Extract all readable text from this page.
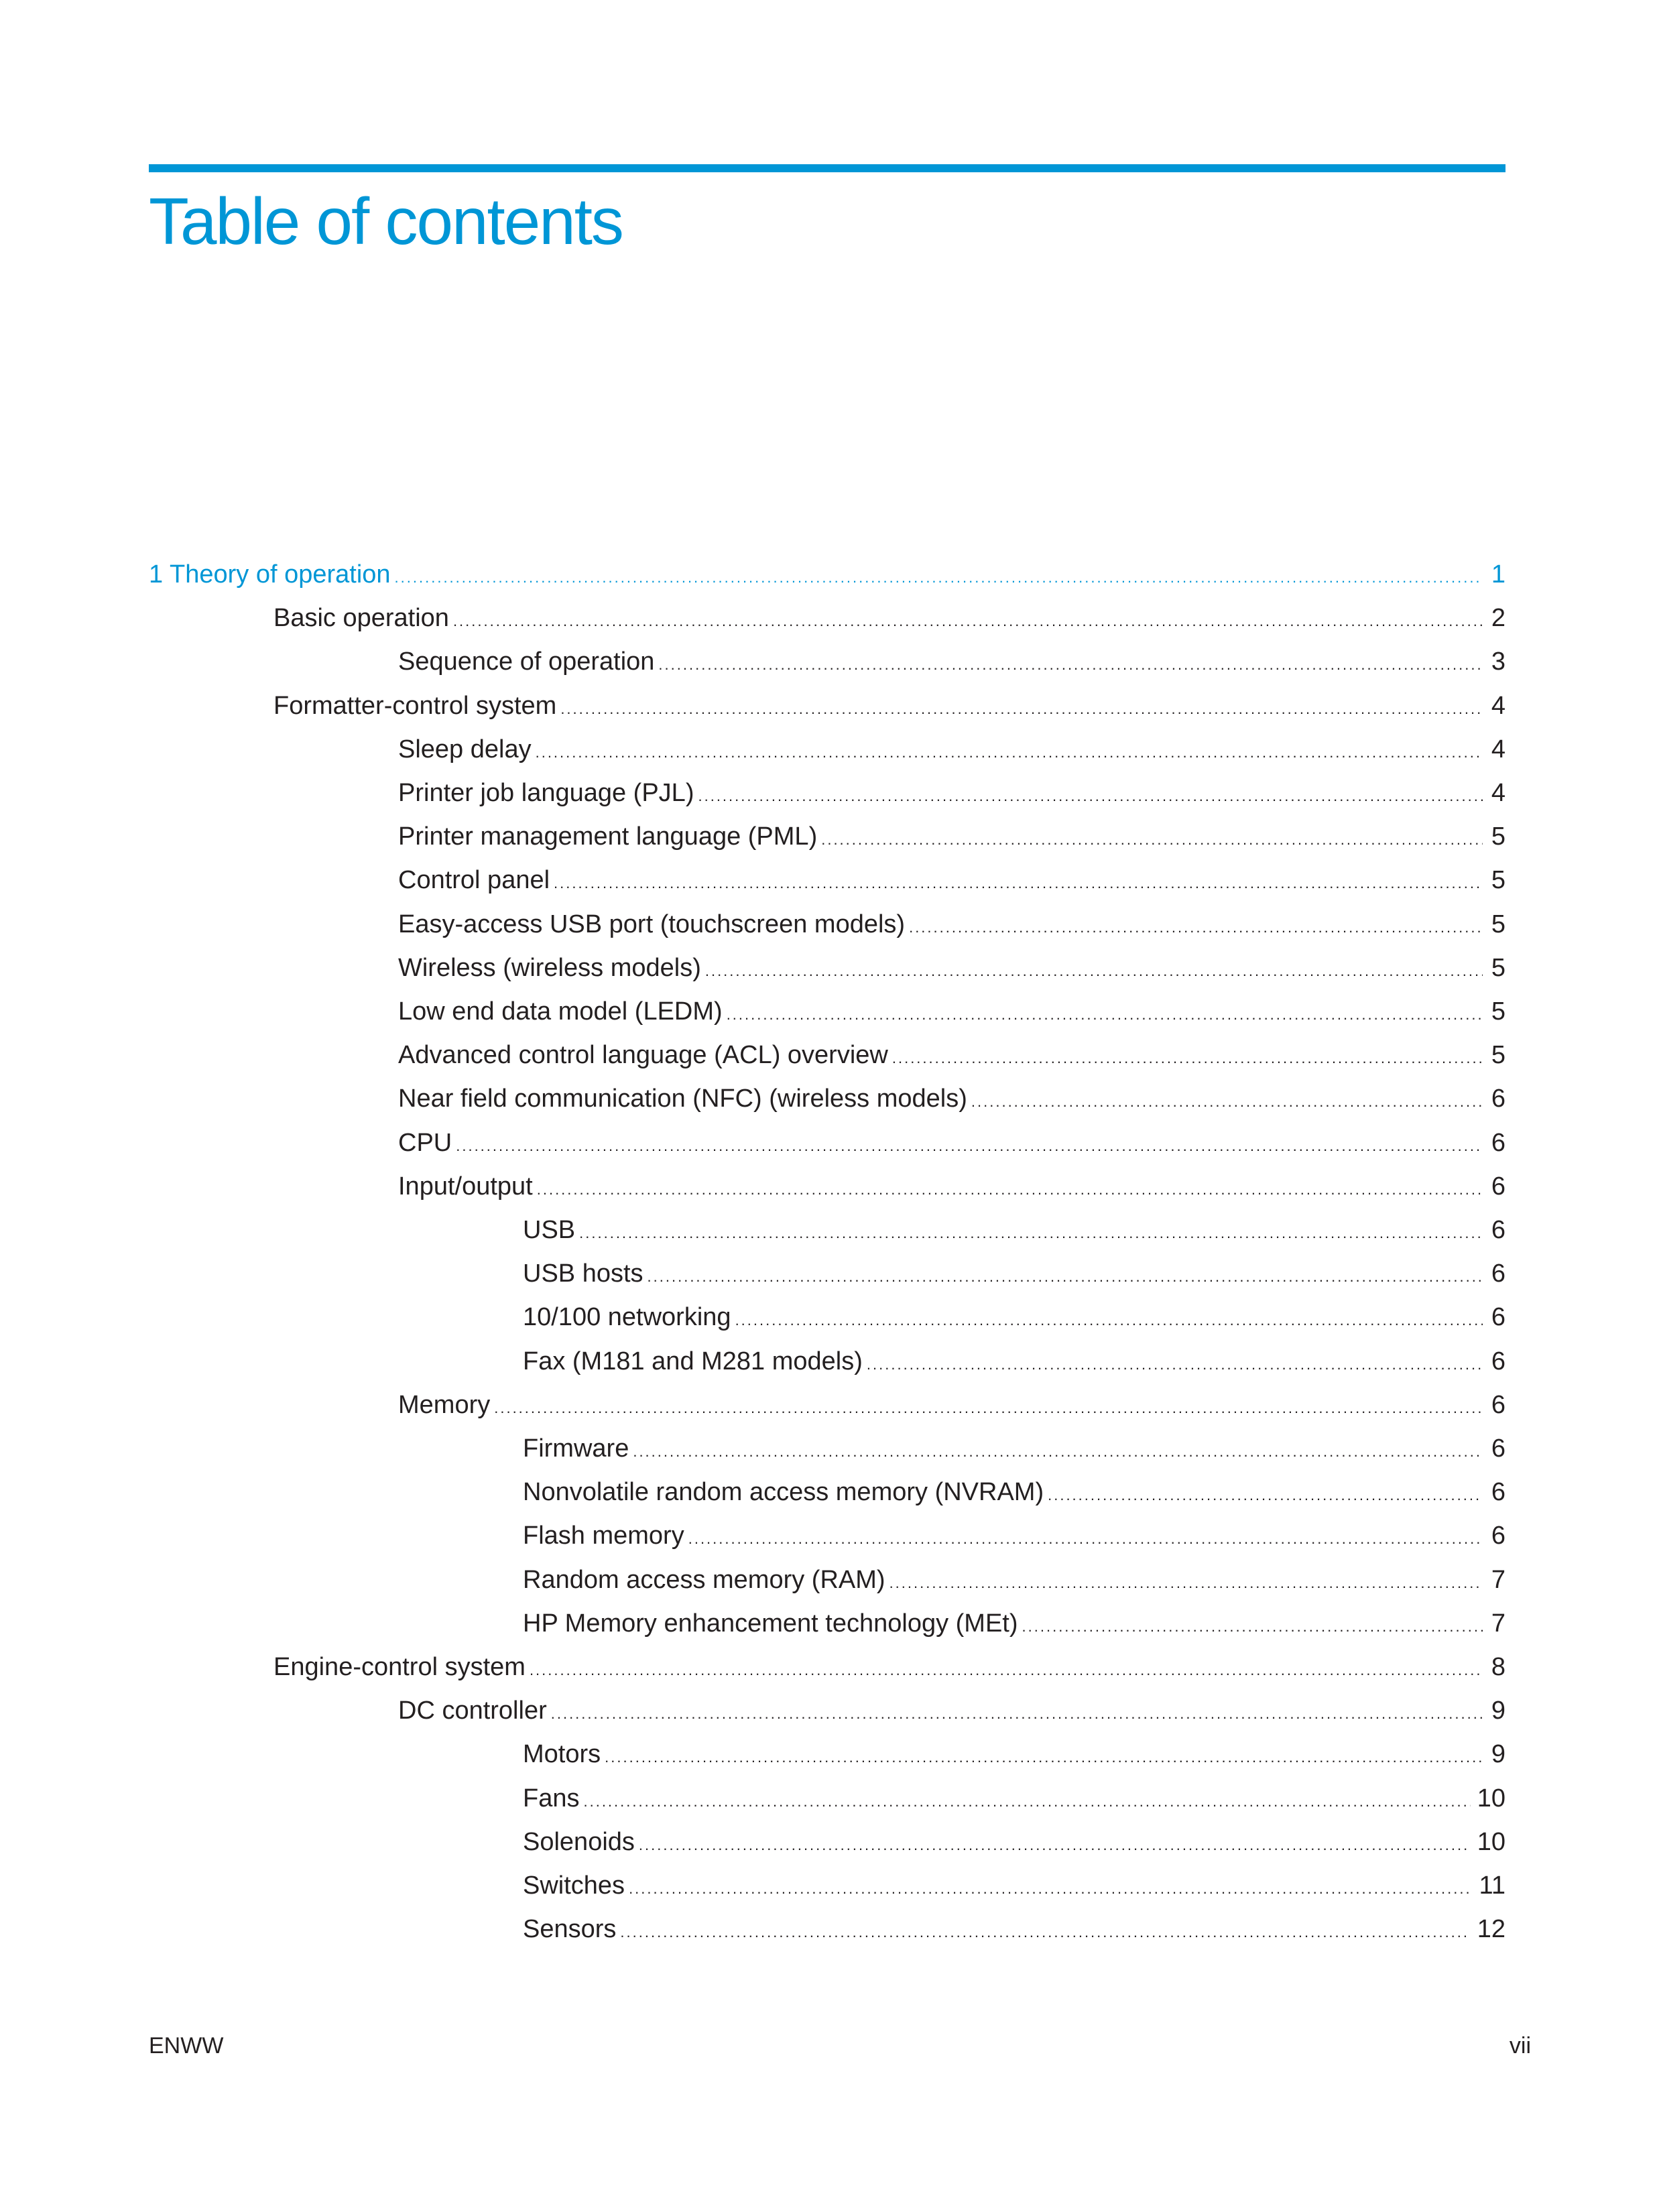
Table of contents
1 Theory of operation .....	1
Basic operation .....	2
Sequence of operation .....	3
Formatter-control system .....	4
Sleep delay .....	4
Printer job language (PJL) .....	4
Printer management language (PML) .....	5
Control panel .....	5
Easy-access USB port (touchscreen models) .....	5
Wireless (wireless models) .....	5
Low end data model (LEDM) .....	5
Advanced control language (ACL) overview .....	5
Near field communication (NFC) (wireless models) .....	6
CPU .....	6
Input/output .....	6
USB .....	6
USB hosts .....	6
10/100 networking .....	6
Fax (M181 and M281 models) .....	6
Memory .....	6
Firmware .....	6
Nonvolatile random access memory (NVRAM) .....	6
Flash memory .....	6
Random access memory (RAM) .....	7
HP Memory enhancement technology (MEt) .....	7
Engine-control system .....	8
DC controller .....	9
Motors .....	9
Fans .....	10
Solenoids .....	10
Switches .....	11
Sensors .....	12
ENWW	vii
